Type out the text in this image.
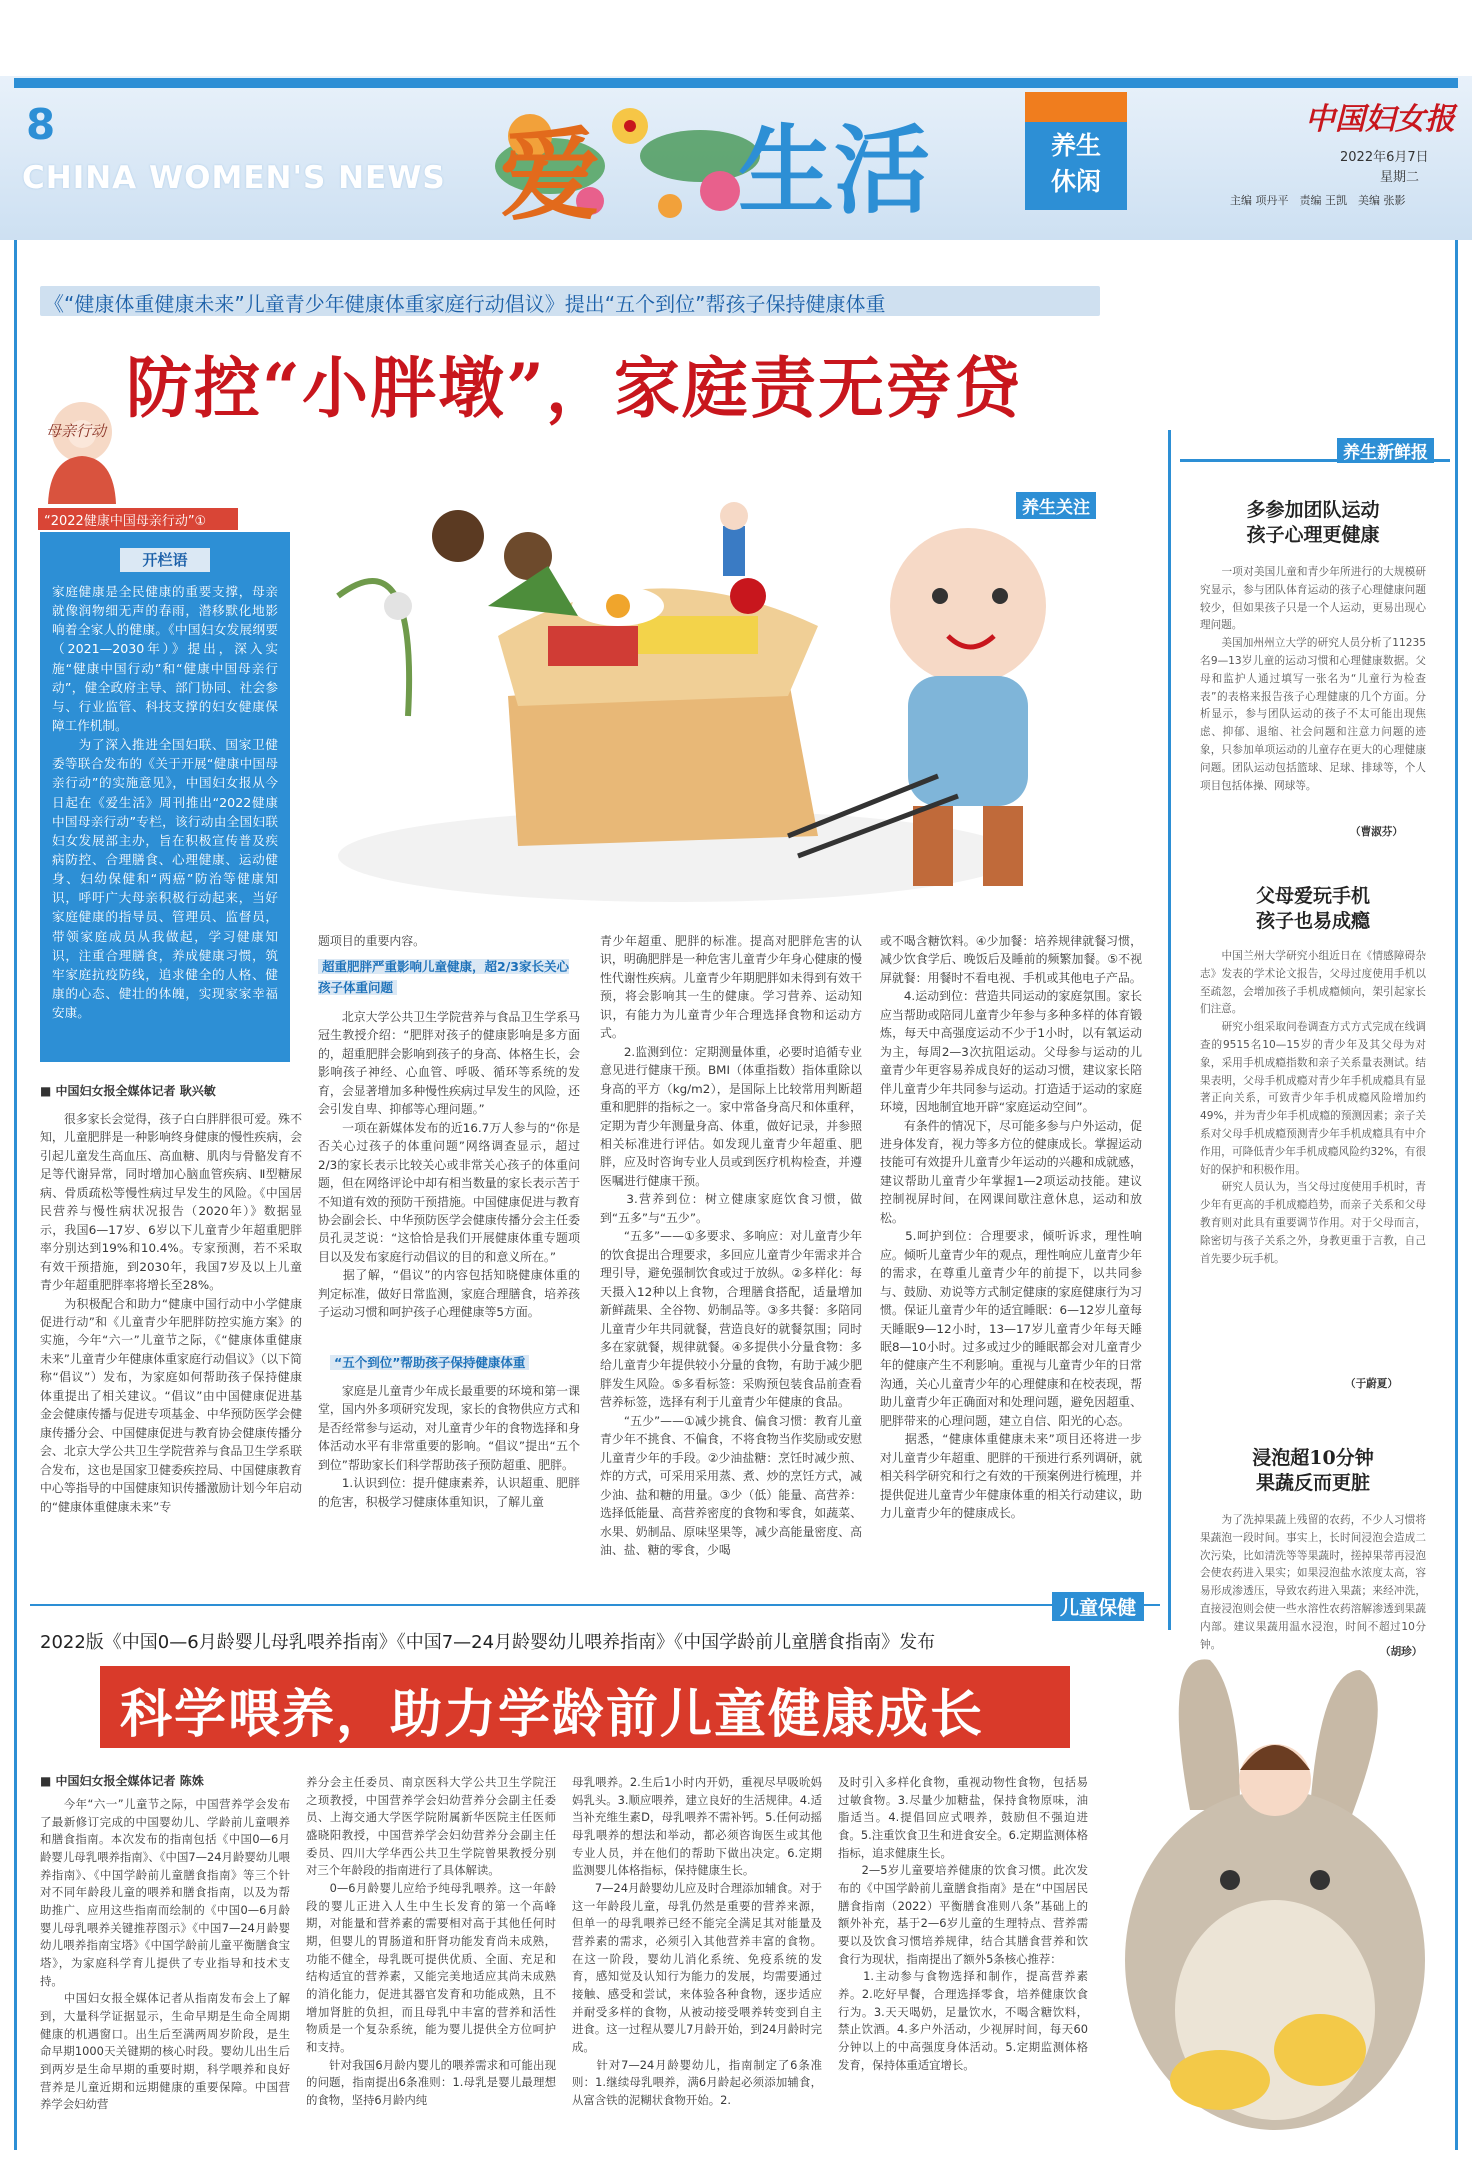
8
CHINA WOMEN'S NEWS 爱 生活	养生
休闲
中国妇女报
2022年6月7日
星期二
主编 项丹平　责编 王凯　美编 张影
《“健康体重健康未来”儿童青少年健康体重家庭行动倡议》提出“五个到位”帮孩子保持健康体重
防控“小胖墩”，家庭责无旁贷
母亲行动
“2022健康中国母亲行动”①
开栏语
家庭健康是全民健康的重要支撑，母亲就像润物细无声的春雨，潜移默化地影响着全家人的健康。《中国妇女发展纲要（2021—2030年）》提出，深入实施“健康中国行动”和“健康中国母亲行动”，健全政府主导、部门协同、社会参与、行业监管、科技支撑的妇女健康保障工作机制。
　　为了深入推进全国妇联、国家卫健委等联合发布的《关于开展“健康中国母亲行动”的实施意见》，中国妇女报从今日起在《爱生活》周刊推出“2022健康中国母亲行动”专栏，该行动由全国妇联妇女发展部主办，旨在积极宣传普及疾病防控、合理膳食、心理健康、运动健身、妇幼保健和“两癌”防治等健康知识，呼吁广大母亲积极行动起来，当好家庭健康的指导员、管理员、监督员，带领家庭成员从我做起，学习健康知识，注重合理膳食，养成健康习惯，筑牢家庭抗疫防线，追求健全的人格、健康的心态、健壮的体魄，实现家家幸福安康。
养生关注
■ 中国妇女报全媒体记者 耿兴敏
　　很多家长会觉得，孩子白白胖胖很可爱。殊不知，儿童肥胖是一种影响终身健康的慢性疾病，会引起儿童发生高血压、高血糖、肌肉与骨骼发育不足等代谢异常，同时增加心脑血管疾病、Ⅱ型糖尿病、骨质疏松等慢性病过早发生的风险。《中国居民营养与慢性病状况报告（2020年）》数据显示，我国6—17岁、6岁以下儿童青少年超重肥胖率分别达到19%和10.4%。专家预测，若不采取有效干预措施，到2030年，我国7岁及以上儿童青少年超重肥胖率将增长至28%。
　　为积极配合和助力“健康中国行动中小学健康促进行动”和《儿童青少年肥胖防控实施方案》的实施，今年“六一”儿童节之际，《“健康体重健康未来”儿童青少年健康体重家庭行动倡议》（以下简称“倡议”）发布，为家庭如何帮助孩子保持健康体重提出了相关建议。“倡议”由中国健康促进基金会健康传播与促进专项基金、中华预防医学会健康传播分会、中国健康促进与教育协会健康传播分会、北京大学公共卫生学院营养与食品卫生学系联合发布，这也是国家卫健委疾控局、中国健康教育中心等指导的中国健康知识传播激励计划今年启动的“健康体重健康未来”专
题项目的重要内容。
超重肥胖严重影响儿童健康，超2/3家长关心孩子体重问题
　　北京大学公共卫生学院营养与食品卫生学系马冠生教授介绍：“肥胖对孩子的健康影响是多方面的，超重肥胖会影响到孩子的身高、体格生长，会影响孩子神经、心血管、呼吸、循环等系统的发育，会显著增加多种慢性疾病过早发生的风险，还会引发自卑、抑郁等心理问题。”
　　一项在新媒体发布的近16.7万人参与的“你是否关心过孩子的体重问题”网络调查显示，超过2/3的家长表示比较关心或非常关心孩子的体重问题，但在网络评论中却有相当数量的家长表示苦于不知道有效的预防干预措施。中国健康促进与教育协会副会长、中华预防医学会健康传播分会主任委员孔灵芝说：“这恰恰是我们开展健康体重专题项目以及发布家庭行动倡议的目的和意义所在。”
　　据了解，“倡议”的内容包括知晓健康体重的判定标准，做好日常监测，家庭合理膳食，培养孩子运动习惯和呵护孩子心理健康等5方面。
“五个到位”帮助孩子保持健康体重
　　家庭是儿童青少年成长最重要的环境和第一课堂，国内外多项研究发现，家长的食物供应方式和是否经常参与运动，对儿童青少年的食物选择和身体活动水平有非常重要的影响。“倡议”提出“五个到位”帮助家长们科学帮助孩子预防超重、肥胖。
　　1.认识到位：提升健康素养，认识超重、肥胖的危害，积极学习健康体重知识，了解儿童
青少年超重、肥胖的标准。提高对肥胖危害的认识，明确肥胖是一种危害儿童青少年身心健康的慢性代谢性疾病。儿童青少年期肥胖如未得到有效干预，将会影响其一生的健康。学习营养、运动知识，有能力为儿童青少年合理选择食物和运动方式。
　　2.监测到位：定期测量体重，必要时追循专业意见进行健康干预。BMI（体重指数）指体重除以身高的平方（kg/m2），是国际上比较常用判断超重和肥胖的指标之一。家中常备身高尺和体重秤，定期为青少年测量身高、体重，做好记录，并参照相关标准进行评估。如发现儿童青少年超重、肥胖，应及时咨询专业人员或到医疗机构检查，并遵医嘱进行健康干预。
　　3.营养到位：树立健康家庭饮食习惯，做到“五多”与“五少”。
　　“五多”——①多要求、多响应：对儿童青少年的饮食提出合理要求，多回应儿童青少年需求并合理引导，避免强制饮食或过于放纵。②多样化：每天摄入12种以上食物，合理膳食搭配，适量增加新鲜蔬果、全谷物、奶制品等。③多共餐：多陪同儿童青少年共同就餐，营造良好的就餐氛围；同时多在家就餐，规律就餐。④多提供小分量食物：多给儿童青少年提供较小分量的食物，有助于减少肥胖发生风险。⑤多看标签：采购预包装食品前查看营养标签，选择有利于儿童青少年健康的食品。
　　“五少”——①减少挑食、偏食习惯：教育儿童青少年不挑食、不偏食，不将食物当作奖励或安慰儿童青少年的手段。②少油盐糖：烹饪时减少煎、炸的方式，可采用采用蒸、煮、炒的烹饪方式，减少油、盐和糖的用量。③少（低）能量、高营养：选择低能量、高营养密度的食物和零食，如蔬菜、水果、奶制品、原味坚果等，减少高能量密度、高油、盐、糖的零食，少喝
或不喝含糖饮料。④少加餐：培养规律就餐习惯，减少饮食学后、晚饭后及睡前的频繁加餐。⑤不视屏就餐：用餐时不看电视、手机或其他电子产品。
　　4.运动到位：营造共同运动的家庭氛围。家长应当帮助或陪同儿童青少年参与多种多样的体育锻炼，每天中高强度运动不少于1小时，以有氧运动为主，每周2—3次抗阻运动。父母参与运动的儿童青少年更容易养成良好的运动习惯，建议家长陪伴儿童青少年共同参与运动。打造适于运动的家庭环境，因地制宜地开辟“家庭运动空间”。
　　有条件的情况下，尽可能多参与户外运动，促进身体发育，视力等多方位的健康成长。掌握运动技能可有效提升儿童青少年运动的兴趣和成就感，建议帮助儿童青少年掌握1—2项运动技能。建议控制视屏时间，在网课间歇注意休息，运动和放松。
　　5.呵护到位：合理要求，倾听诉求，理性响应。倾听儿童青少年的观点，理性响应儿童青少年的需求，在尊重儿童青少年的前提下，以共同参与、鼓励、劝说等方式制定健康的家庭健康行为习惯。保证儿童青少年的适宜睡眠：6—12岁儿童每天睡眠9—12小时，13—17岁儿童青少年每天睡眠8—10小时。过多或过少的睡眠都会对儿童青少年的健康产生不利影响。重视与儿童青少年的日常沟通，关心儿童青少年的心理健康和在校表现，帮助儿童青少年正确面对和处理问题，避免因超重、肥胖带来的心理问题，建立自信、阳光的心态。
　　据悉，“健康体重健康未来”项目还将进一步对儿童青少年超重、肥胖的干预进行系列调研，就相关科学研究和行之有效的干预案例进行梳理，并提供促进儿童青少年健康体重的相关行动建议，助力儿童青少年的健康成长。
养生新鲜报
多参加团队运动
孩子心理更健康
　　一项对美国儿童和青少年所进行的大规模研究显示，参与团队体育运动的孩子心理健康问题较少，但如果孩子只是一个人运动，更易出现心理问题。
　　美国加州州立大学的研究人员分析了11235名9—13岁儿童的运动习惯和心理健康数据。父母和监护人通过填写一张名为“儿童行为检查表”的表格来报告孩子心理健康的几个方面。分析显示，参与团队运动的孩子不太可能出现焦虑、抑郁、退缩、社会问题和注意力问题的迹象，只参加单项运动的儿童存在更大的心理健康问题。团队运动包括篮球、足球、排球等，个人项目包括体操、网球等。
（曹淑芬）
父母爱玩手机
孩子也易成瘾
　　中国兰州大学研究小组近日在《情感障碍杂志》发表的学术论文报告，父母过度使用手机以至疏忽，会增加孩子手机成瘾倾向，架引起家长们注意。
　　研究小组采取问卷调查方式方式完成在线调查的9515名10—15岁的青少年及其父母为对象，采用手机成瘾指数和亲子关系量表测试。结果表明，父母手机成瘾对青少年手机成瘾具有显著正向关系，可致青少年手机成瘾风险增加约49%，并为青少年手机成瘾的预测因素；亲子关系对父母手机成瘾预测青少年手机成瘾具有中介作用，可降低青少年手机成瘾风险约32%，有很好的保护和积极作用。
　　研究人员认为，当父母过度使用手机时，青少年有更高的手机成瘾趋势，而亲子关系和父母教育则对此具有重要调节作用。对于父母而言，除密切与孩子关系之外，身教更重于言教，自己首先要少玩手机。
（于蔚夏）
浸泡超10分钟
果蔬反而更脏
　　为了洗掉果蔬上残留的农药，不少人习惯将果蔬泡一段时间。事实上，长时间浸泡会造成二次污染，比如清洗等等果蔬时，搓掉果蒂再浸泡会使农药进入果实；如果浸泡盐水浓度太高，容易形成渗透压，导致农药进入果蔬；来经冲洗，直接浸泡则会使一些水溶性农药溶解渗透到果蔬内部。建议果蔬用温水浸泡，时间不超过10分钟。
（胡珍）
儿童保健
2022版《中国0—6月龄婴儿母乳喂养指南》《中国7—24月龄婴幼儿喂养指南》《中国学龄前儿童膳食指南》发布
科学喂养，助力学龄前儿童健康成长
■ 中国妇女报全媒体记者 陈姝
　　今年“六一”儿童节之际，中国营养学会发布了最新修订完成的中国婴幼儿、学龄前儿童喂养和膳食指南。本次发布的指南包括《中国0—6月龄婴儿母乳喂养指南》、《中国7—24月龄婴幼儿喂养指南》、《中国学龄前儿童膳食指南》等三个针对不同年龄段儿童的喂养和膳食指南，以及为帮助推广、应用这些指南而绘制的《中国0—6月龄婴儿母乳喂养关键推荐图示》《中国7—24月龄婴幼儿喂养指南宝塔》《中国学龄前儿童平衡膳食宝塔》，为家庭科学育儿提供了专业指导和技术支持。
　　中国妇女报全媒体记者从指南发布会上了解到，大量科学证据显示，生命早期是生命全周期健康的机遇窗口。出生后至满两周岁阶段，是生命早期1000天关键期的核心时段。婴幼儿出生后到两岁是生命早期的重要时期，科学喂养和良好营养是儿童近期和远期健康的重要保障。中国营养学会妇幼营
养分会主任委员、南京医科大学公共卫生学院汪之顼教授，中国营养学会妇幼营养分会副主任委员、上海交通大学医学院附属新华医院主任医师盛晓阳教授，中国营养学会妇幼营养分会副主任委员、四川大学华西公共卫生学院曾果教授分别对三个年龄段的指南进行了具体解读。
　　0—6月龄婴儿应给予纯母乳喂养。这一年龄段的婴儿正进入人生中生长发育的第一个高峰期，对能量和营养素的需要相对高于其他任何时期，但婴儿的胃肠道和肝肾功能发育尚未成熟，功能不健全，母乳既可提供优质、全面、充足和结构适宜的营养素，又能完美地适应其尚未成熟的消化能力，促进其器官发育和功能成熟，且不增加肾脏的负担，而且母乳中丰富的营养和活性物质是一个复杂系统，能为婴儿提供全方位呵护和支持。
　　针对我国6月龄内婴儿的喂养需求和可能出现的问题，指南提出6条准则：1.母乳是婴儿最理想的食物，坚持6月龄内纯
母乳喂养。2.生后1小时内开奶，重视尽早吸吮妈妈乳头。3.顺应喂养，建立良好的生活规律。4.适当补充维生素D，母乳喂养不需补钙。5.任何动摇母乳喂养的想法和举动，都必须咨询医生或其他专业人员，并在他们的帮助下做出决定。6.定期监测婴儿体格指标，保持健康生长。
　　7—24月龄婴幼儿应及时合理添加辅食。对于这一年龄段儿童，母乳仍然是重要的营养来源，但单一的母乳喂养已经不能完全满足其对能量及营养素的需求，必须引入其他营养丰富的食物。在这一阶段，婴幼儿消化系统、免疫系统的发育，感知觉及认知行为能力的发展，均需要通过接触、感受和尝试，来体验各种食物，逐步适应并耐受多样的食物，从被动接受喂养转变到自主进食。这一过程从婴儿7月龄开始，到24月龄时完成。
　　针对7—24月龄婴幼儿，指南制定了6条准则：1.继续母乳喂养，满6月龄起必须添加辅食，从富含铁的泥糊状食物开始。2.
及时引入多样化食物，重视动物性食物，包括易过敏食物。3.尽量少加糖盐，保持食物原味，油脂适当。4.提倡回应式喂养，鼓励但不强迫进食。5.注重饮食卫生和进食安全。6.定期监测体格指标，追求健康生长。
　　2—5岁儿童要培养健康的饮食习惯。此次发布的《中国学龄前儿童膳食指南》是在“中国居民膳食指南（2022）平衡膳食准则八条”基础上的额外补充，基于2—6岁儿童的生理特点、营养需要以及饮食习惯培养规律，结合其膳食营养和饮食行为现状，指南提出了额外5条核心推荐：
　　1.主动参与食物选择和制作，提高营养素养。2.吃好早餐，合理选择零食，培养健康饮食行为。3.天天喝奶，足量饮水，不喝含糖饮料，禁止饮酒。4.多户外活动，少视屏时间，每天60分钟以上的中高强度身体活动。5.定期监测体格发育，保持体重适宜增长。
